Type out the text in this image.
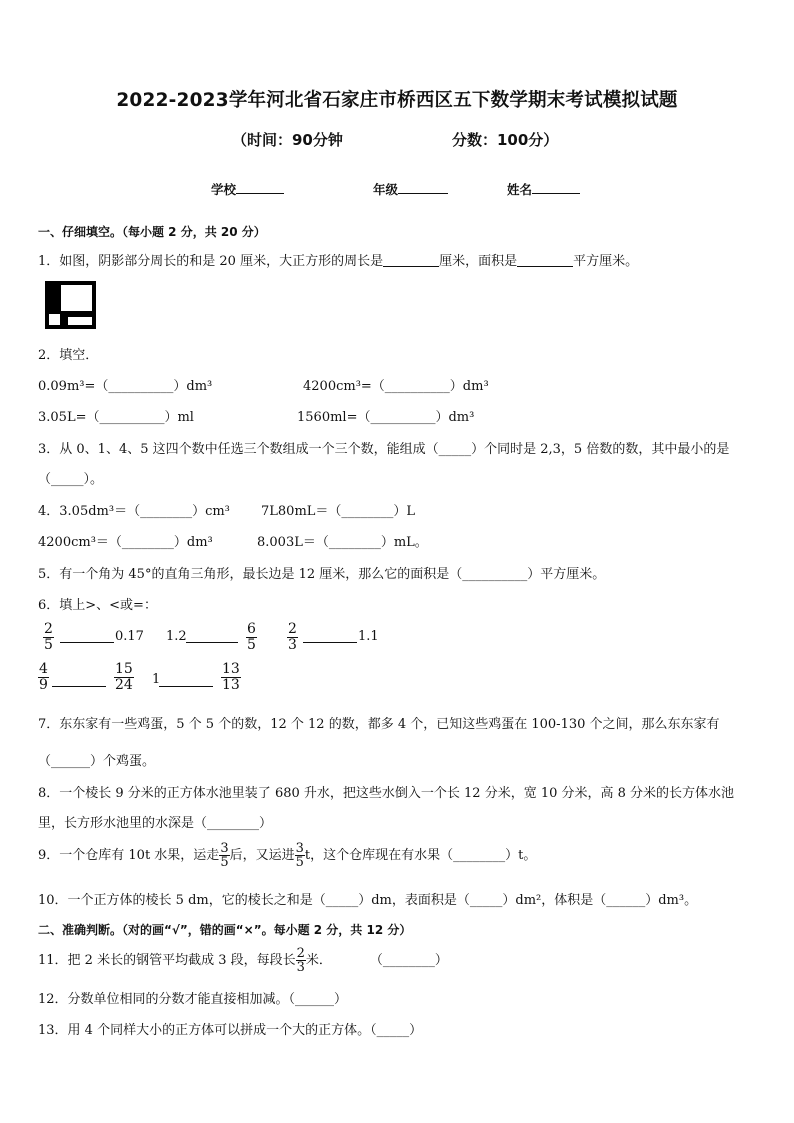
2022-2023学年河北省石家庄市桥西区五下数学期末考试模拟试题
（时间：90分钟	分数：100分）
学校	年级	姓名
一、仔细填空。（每小题 2 分，共 20 分）
1．如图，阴影部分周长的和是 20 厘米，大正方形的周长是	厘米，面积是	平方厘米。
2．填空．
0.09m³=（__________）dm³	4200cm³=（__________）dm³
3.05L=（__________）ml	1560ml=（__________）dm³
3．从 0、1、4、5 这四个数中任选三个数组成一个三个数，能组成（_____）个同时是 2,3，5 倍数的数，其中最小的是
（_____）。
4．3.05dm³＝（________）cm³ 7L80mL＝（________）L
4200cm³＝（________）dm³	8.003L＝（________）mL。
5．有一个角为 45°的直角三角形，最长边是 12 厘米，那么它的面积是（__________）平方厘米。
6．填上>、<或=：
$\frac{2}{5}$	0.17 1.2	$\frac{6}{5} \frac{2}{3}$	1.1
$\frac{4}{9}$	$\frac{15}{24} 1$	$\frac{13}{13}$
7．东东家有一些鸡蛋，5 个 5 个的数，12 个 12 的数，都多 4 个，已知这些鸡蛋在 100-130 个之间，那么东东家有
（______）个鸡蛋。
8．一个棱长 9 分米的正方体水池里装了 680 升水，把这些水倒入一个长 12 分米，宽 10 分米，高 8 分米的长方体水池
里，长方形水池里的水深是（________）
9．一个仓库有 10t 水果，运走 $\frac{3}{5}$ 后，又运进 $\frac{3}{5}$ t，这个仓库现在有水果（________）t。
10．一个正方体的棱长 5 dm，它的棱长之和是（_____）dm，表面积是（_____）dm²，体积是（______）dm³。
二、准确判断。（对的画“√”，错的画“×”。每小题 2 分，共 12 分）
11．把 2 米长的钢管平均截成 3 段，每段长 $\frac{2}{3}$ 米．	（________）
12．分数单位相同的分数才能直接相加减。（______）
13．用 4 个同样大小的正方体可以拼成一个大的正方体。（_____）
